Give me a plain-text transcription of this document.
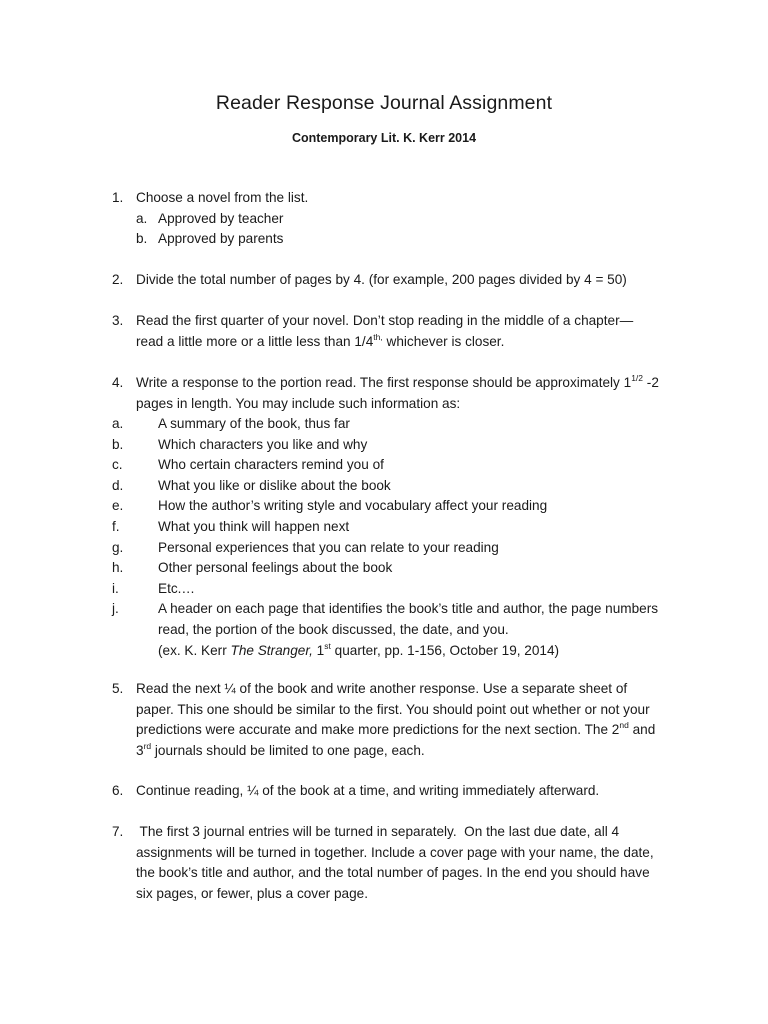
Reader Response Journal Assignment
Contemporary Lit. K. Kerr 2014
1. Choose a novel from the list.
a. Approved by teacher
b. Approved by parents
2. Divide the total number of pages by 4. (for example, 200 pages divided by 4 = 50)
3. Read the first quarter of your novel. Don’t stop reading in the middle of a chapter—
read a little more or a little less than $1/4^{th,}$ whichever is closer.
4. Write a response to the portion read. The first response should be approximately $1^{1/2}$ -2
pages in length. You may include such information as:
a.	A summary of the book, thus far
b.	Which characters you like and why
c.	Who certain characters remind you of
d.	What you like or dislike about the book
e.	How the author’s writing style and vocabulary affect your reading
f.	What you think will happen next
g.	Personal experiences that you can relate to your reading
h.	Other personal feelings about the book
i.	Etc.…
j.	A header on each page that identifies the book’s title and author, the page numbers
read, the portion of the book discussed, the date, and you.
(ex. K. Kerr The Stranger, 1st quarter, pp. 1-156, October 19, 2014)
5. Read the next ¼ of the book and write another response. Use a separate sheet of
paper. This one should be similar to the first. You should point out whether or not your
predictions were accurate and make more predictions for the next section. The 2nd and
3rd journals should be limited to one page, each.
6. Continue reading, ¼ of the book at a time, and writing immediately afterward.
7. The first 3 journal entries will be turned in separately.  On the last due date, all 4
assignments will be turned in together. Include a cover page with your name, the date,
the book’s title and author, and the total number of pages. In the end you should have
six pages, or fewer, plus a cover page.
